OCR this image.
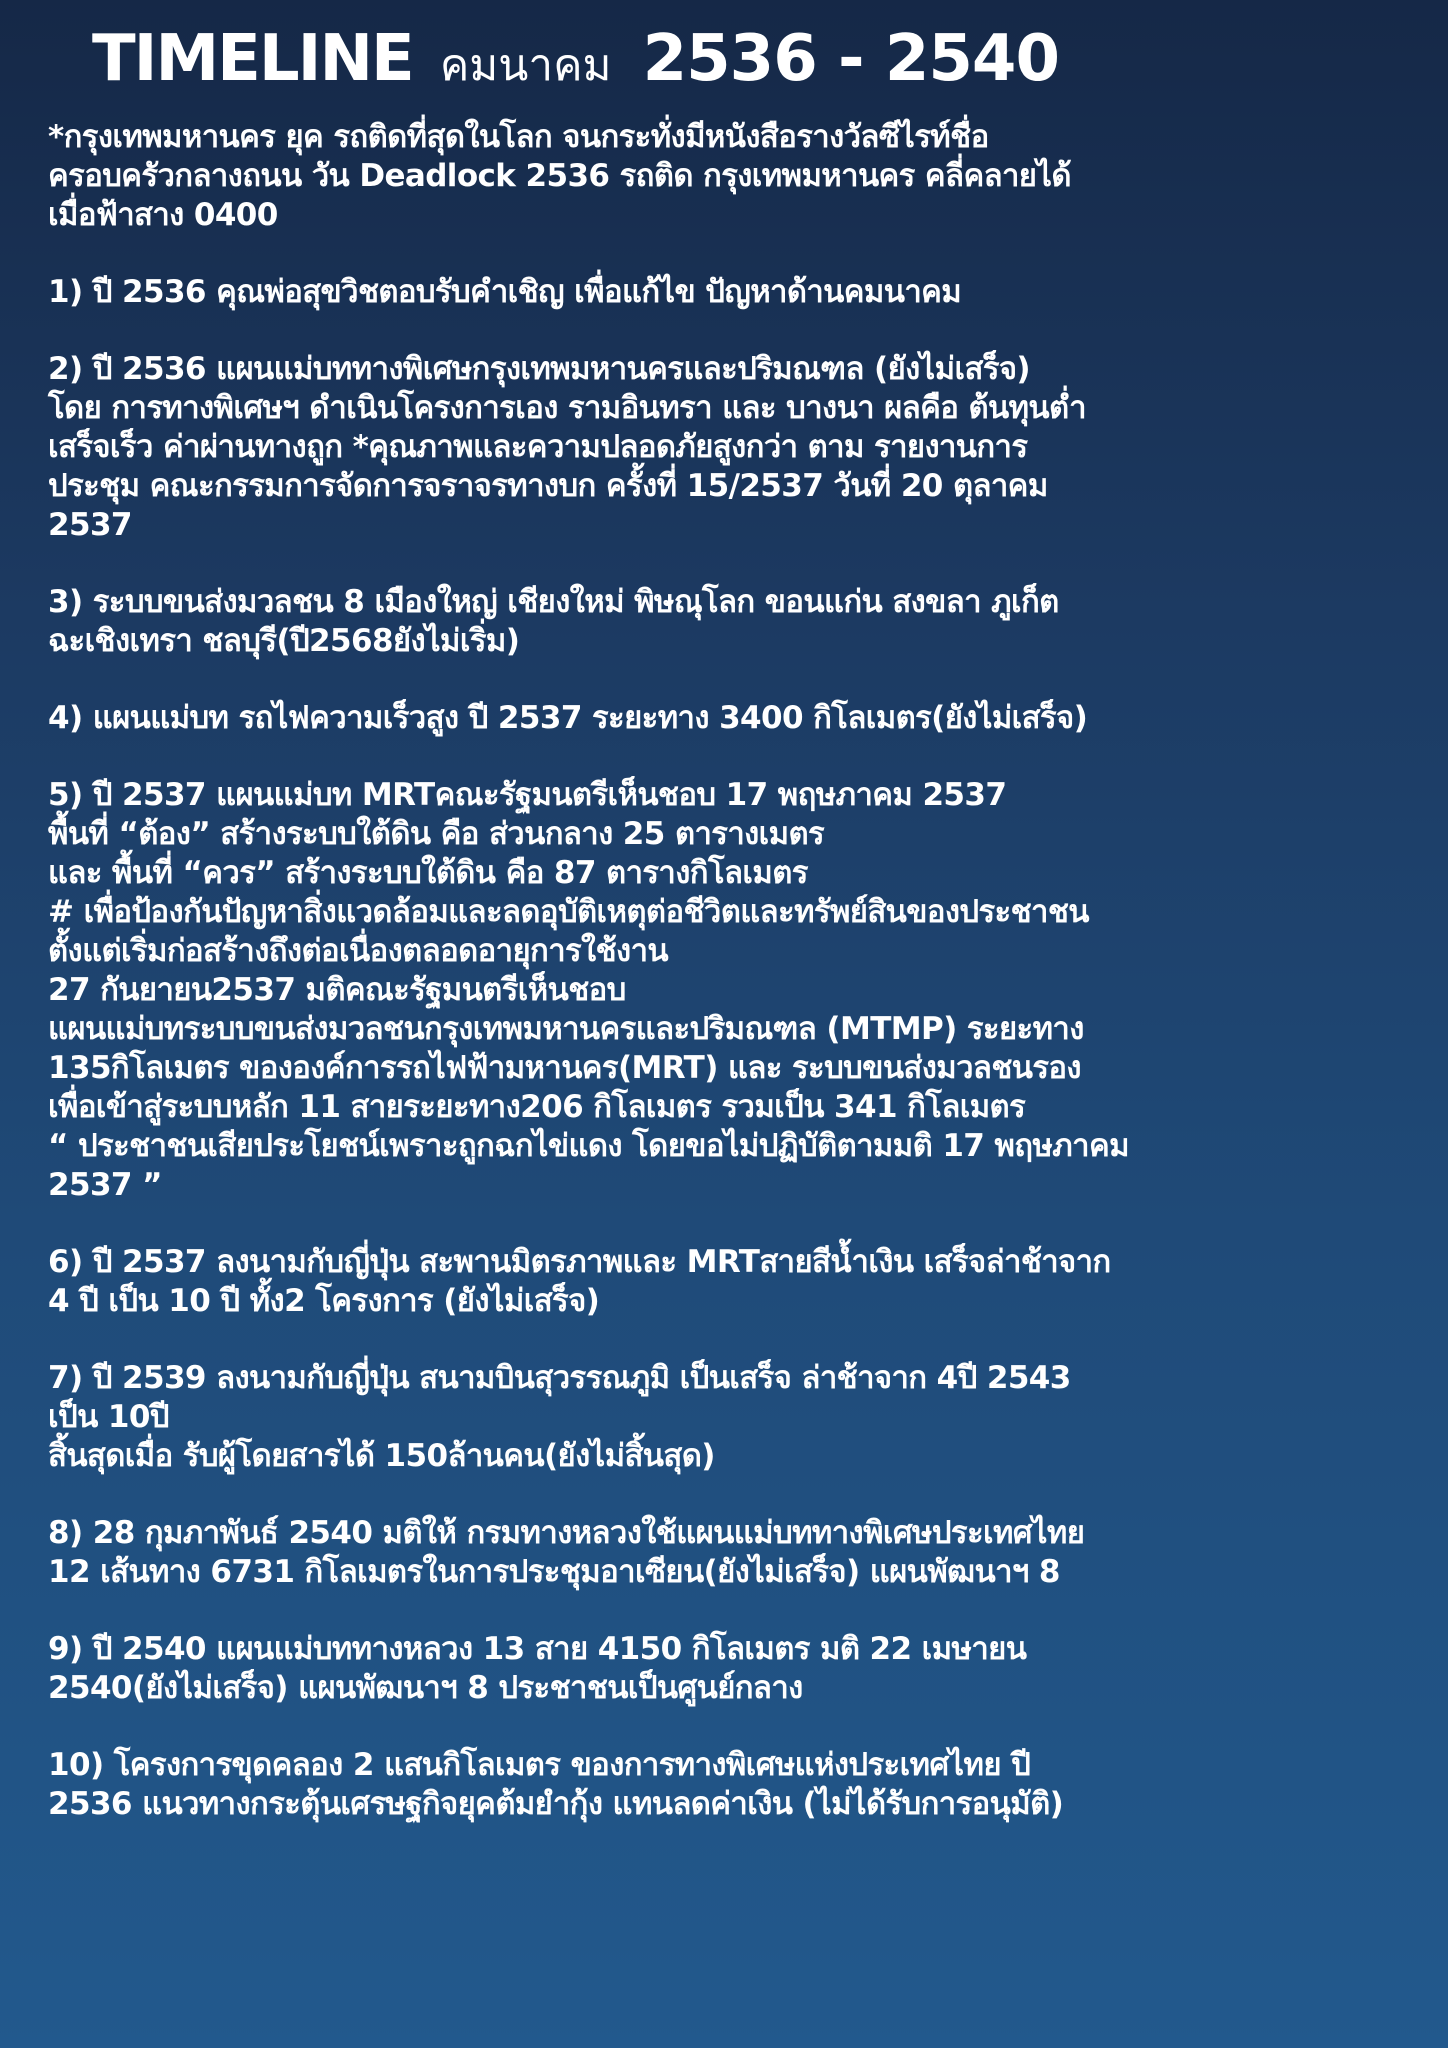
TIMELINE คมนาคม 2536 - 2540
*กรุงเทพมหานคร ยุค รถติดที่สุดในโลก จนกระทั่งมีหนังสือรางวัลซีไรท์ชื่อ
ครอบครัวกลางถนน วัน Deadlock 2536 รถติด กรุงเทพมหานคร คลี่คลายได้
เมื่อฟ้าสาง 0400
1) ปี 2536 คุณพ่อสุขวิชตอบรับคำเชิญ เพื่อแก้ไข ปัญหาด้านคมนาคม
2) ปี 2536 แผนแม่บททางพิเศษกรุงเทพมหานครและปริมณฑล (ยังไม่เสร็จ)
โดย การทางพิเศษฯ ดำเนินโครงการเอง รามอินทรา และ บางนา ผลคือ ต้นทุนต่ำ
เสร็จเร็ว ค่าผ่านทางถูก *คุณภาพและความปลอดภัยสูงกว่า ตาม รายงานการ
ประชุม คณะกรรมการจัดการจราจรทางบก ครั้งที่ 15/2537 วันที่ 20 ตุลาคม
2537
3) ระบบขนส่งมวลชน 8 เมืองใหญ่ เชียงใหม่ พิษณุโลก ขอนแก่น สงขลา ภูเก็ต
ฉะเชิงเทรา ชลบุรี(ปี2568ยังไม่เริ่ม)
4) แผนแม่บท รถไฟความเร็วสูง ปี 2537 ระยะทาง 3400 กิโลเมตร(ยังไม่เสร็จ)
5) ปี 2537 แผนแม่บท MRTคณะรัฐมนตรีเห็นชอบ 17 พฤษภาคม 2537
พื้นที่ “ต้อง” สร้างระบบใต้ดิน คือ ส่วนกลาง 25 ตารางเมตร
และ พื้นที่ “ควร” สร้างระบบใต้ดิน คือ 87 ตารางกิโลเมตร
# เพื่อป้องกันปัญหาสิ่งแวดล้อมและลดอุบัติเหตุต่อชีวิตและทรัพย์สินของประชาชน
ตั้งแต่เริ่มก่อสร้างถึงต่อเนื่องตลอดอายุการใช้งาน
27 กันยายน2537 มติคณะรัฐมนตรีเห็นชอบ
แผนแม่บทระบบขนส่งมวลชนกรุงเทพมหานครและปริมณฑล (MTMP) ระยะทาง
135กิโลเมตร ขององค์การรถไฟฟ้ามหานคร(MRT) และ ระบบขนส่งมวลชนรอง
เพื่อเข้าสู่ระบบหลัก 11 สายระยะทาง206 กิโลเมตร รวมเป็น 341 กิโลเมตร
“ ประชาชนเสียประโยชน์เพราะถูกฉกไข่แดง โดยขอไม่ปฏิบัติตามมติ 17 พฤษภาคม
2537 ”
6) ปี 2537 ลงนามกับญี่ปุ่น สะพานมิตรภาพและ MRTสายสีน้ำเงิน เสร็จล่าช้าจาก
4 ปี เป็น 10 ปี ทั้ง2 โครงการ (ยังไม่เสร็จ)
7) ปี 2539 ลงนามกับญี่ปุ่น สนามบินสุวรรณภูมิ เป็นเสร็จ ล่าช้าจาก 4ปี 2543
เป็น 10ปี
สิ้นสุดเมื่อ รับผู้โดยสารได้ 150ล้านคน(ยังไม่สิ้นสุด)
8) 28 กุมภาพันธ์ 2540 มติให้ กรมทางหลวงใช้แผนแม่บททางพิเศษประเทศไทย
12 เส้นทาง 6731 กิโลเมตรในการประชุมอาเซียน(ยังไม่เสร็จ) แผนพัฒนาฯ 8
9) ปี 2540 แผนแม่บททางหลวง 13 สาย 4150 กิโลเมตร มติ 22 เมษายน
2540(ยังไม่เสร็จ) แผนพัฒนาฯ 8 ประชาชนเป็นศูนย์กลาง
10) โครงการขุดคลอง 2 แสนกิโลเมตร ของการทางพิเศษแห่งประเทศไทย ปี
2536 แนวทางกระตุ้นเศรษฐกิจยุคต้มยำกุ้ง แทนลดค่าเงิน (ไม่ได้รับการอนุมัติ)
